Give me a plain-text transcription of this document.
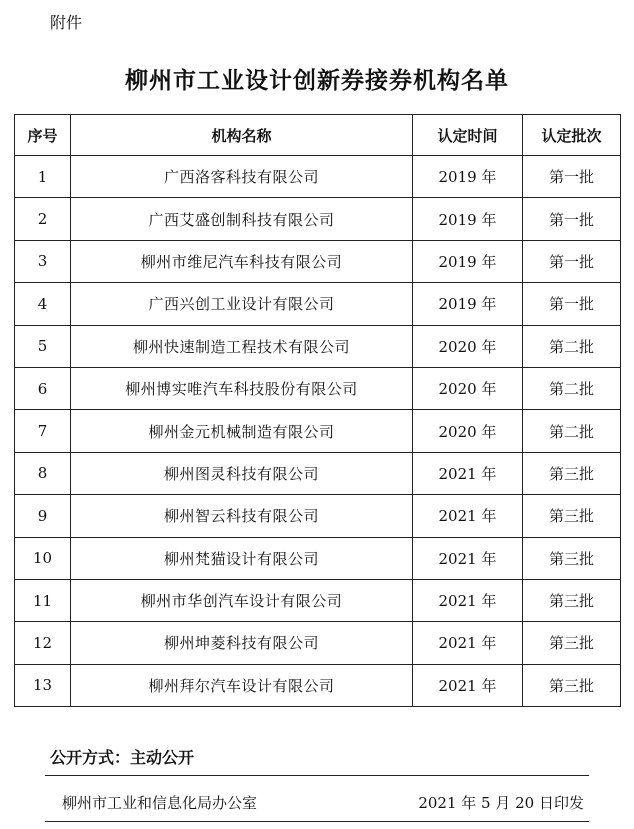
附件
柳州市工业设计创新券接券机构名单
序号	机构名称	认定时间	认定批次
1	广西洛客科技有限公司	2019 年	第一批
2	广西艾盛创制科技有限公司	2019 年	第一批
3	柳州市维尼汽车科技有限公司	2019 年	第一批
4	广西兴创工业设计有限公司	2019 年	第一批
5	柳州快速制造工程技术有限公司	2020 年	第二批
6	柳州博实唯汽车科技股份有限公司	2020 年	第二批
7	柳州金元机械制造有限公司	2020 年	第二批
8	柳州图灵科技有限公司	2021 年	第三批
9	柳州智云科技有限公司	2021 年	第三批
10	柳州梵猫设计有限公司	2021 年	第三批
11	柳州市华创汽车设计有限公司	2021 年	第三批
12	柳州坤菱科技有限公司	2021 年	第三批
13	柳州拜尔汽车设计有限公司	2021 年	第三批
公开方式：主动公开
柳州市工业和信息化局办公室	2021 年 5 月 20 日印发
